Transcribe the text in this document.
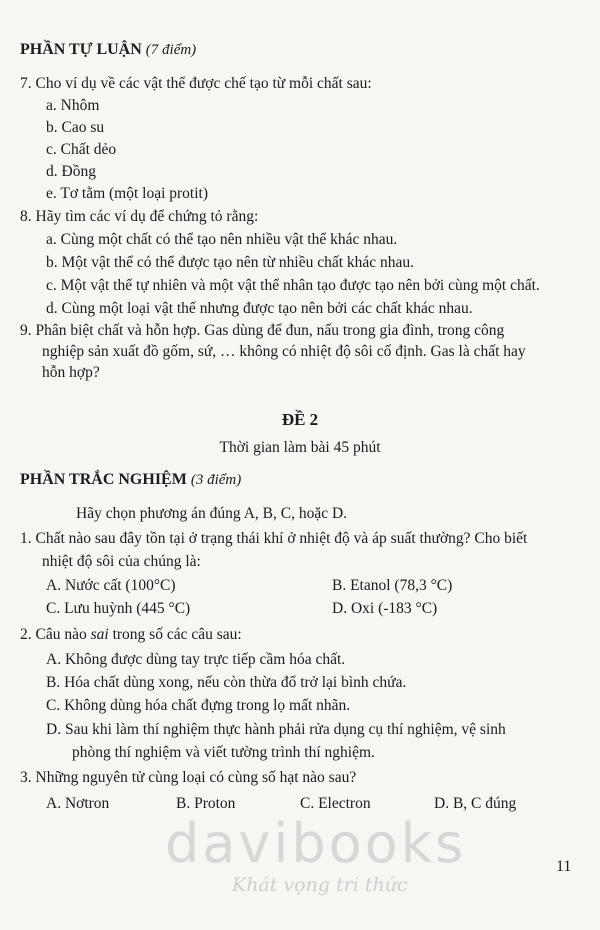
PHẦN TỰ LUẬN (7 điểm)
7. Cho ví dụ về các vật thể được chế tạo từ mỗi chất sau:
a. Nhôm
b. Cao su
c. Chất dẻo
d. Đồng
e. Tơ tằm (một loại protit)
8. Hãy tìm các ví dụ để chứng tỏ rằng:
a. Cùng một chất có thể tạo nên nhiều vật thể khác nhau.
b. Một vật thể có thể được tạo nên từ nhiều chất khác nhau.
c. Một vật thể tự nhiên và một vật thể nhân tạo được tạo nên bởi cùng một chất.
d. Cùng một loại vật thể nhưng được tạo nên bởi các chất khác nhau.
9. Phân biệt chất và hỗn hợp. Gas dùng để đun, nấu trong gia đình, trong công
nghiệp sản xuất đồ gốm, sứ, … không có nhiệt độ sôi cố định. Gas là chất hay
hỗn hợp?
ĐỀ 2
Thời gian làm bài 45 phút
PHẦN TRẮC NGHIỆM (3 điểm)
Hãy chọn phương án đúng A, B, C, hoặc D.
1. Chất nào sau đây tồn tại ở trạng thái khí ở nhiệt độ và áp suất thường? Cho biết
nhiệt độ sôi của chúng là:
A. Nước cất (100°C)	B. Etanol (78,3 °C)
C. Lưu huỳnh (445 °C)	D. Oxi (-183 °C)
2. Câu nào sai trong số các câu sau:
A. Không được dùng tay trực tiếp cầm hóa chất.
B. Hóa chất dùng xong, nếu còn thừa đổ trở lại bình chứa.
C. Không dùng hóa chất đựng trong lọ mất nhãn.
D. Sau khi làm thí nghiệm thực hành phải rửa dụng cụ thí nghiệm, vệ sinh
phòng thí nghiệm và viết tường trình thí nghiệm.
3. Những nguyên tử cùng loại có cùng số hạt nào sau?
A. Nơtron	B. Proton	C. Electron	D. B, C đúng
davibooks
Khát vọng tri thức
11
